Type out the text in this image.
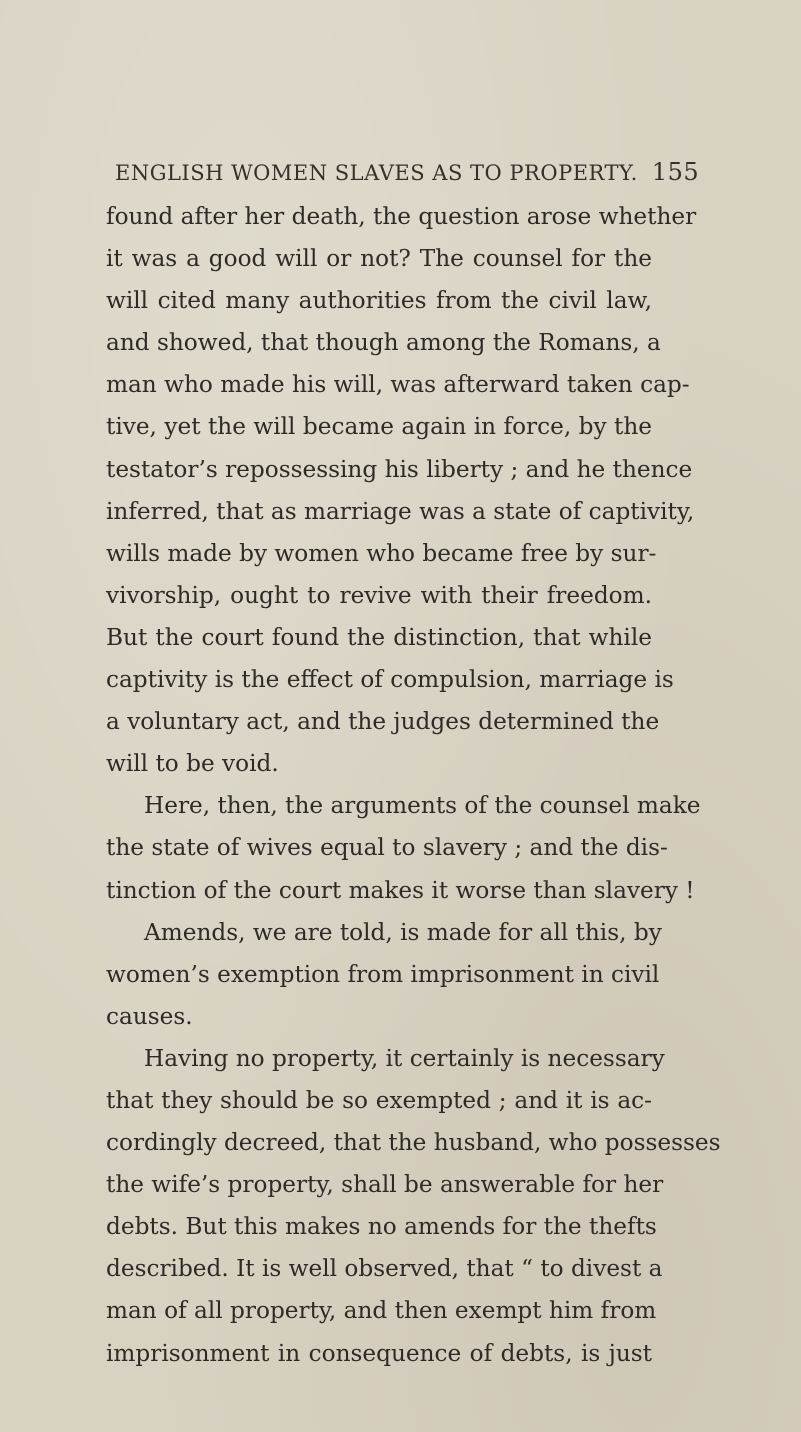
ENGLISH WOMEN SLAVES AS TO PROPERTY. 155
found after her death, the question arose whether
it was a good will or not? The counsel for the
will cited many authorities from the civil law,
and showed, that though among the Romans, a
man who made his will, was afterward taken cap-
tive, yet the will became again in force, by the
testator’s repossessing his liberty ; and he thence
inferred, that as marriage was a state of captivity,
wills made by women who became free by sur-
vivorship, ought to revive with their freedom.
But the court found the distinction, that while
captivity is the effect of compulsion, marriage is
a voluntary act, and the judges determined the
will to be void.
Here, then, the arguments of the counsel make
the state of wives equal to slavery ; and the dis-
tinction of the court makes it worse than slavery !
Amends, we are told, is made for all this, by
women’s exemption from imprisonment in civil
causes.
Having no property, it certainly is necessary
that they should be so exempted ; and it is ac-
cordingly decreed, that the husband, who possesses
the wife’s property, shall be answerable for her
debts. But this makes no amends for the thefts
described. It is well observed, that “ to divest a
man of all property, and then exempt him from
imprisonment in consequence of debts, is just
